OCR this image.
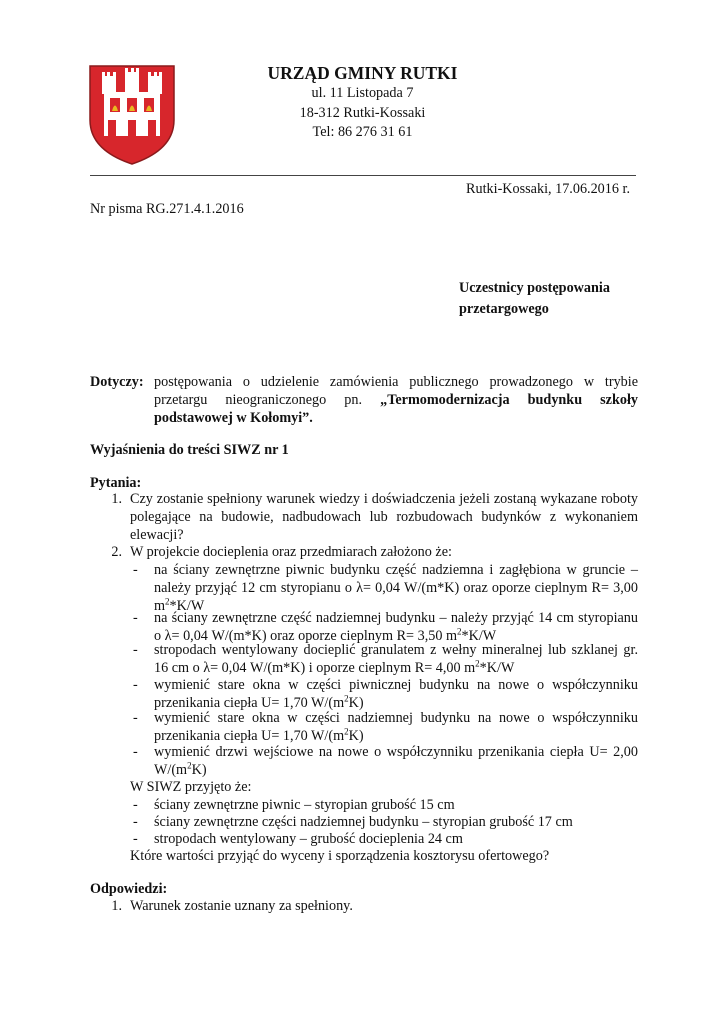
URZĄD GMINY RUTKI
ul. 11 Listopada 7
18-312 Rutki-Kossaki
Tel: 86 276 31 61
Rutki-Kossaki, 17.06.2016 r.
Nr pisma RG.271.4.1.2016
Uczestnicy postępowania
przetargowego
Dotyczy: postępowania o udzielenie zamówienia publicznego prowadzonego w trybie przetargu nieograniczonego pn. „Termomodernizacja budynku szkoły podstawowej w Kołomyi”.
Wyjaśnienia do treści SIWZ nr 1
Pytania:
1. Czy zostanie spełniony warunek wiedzy i doświadczenia jeżeli zostaną wykazane roboty polegające na budowie, nadbudowach lub rozbudowach budynków z wykonaniem elewacji?
2. W projekcie docieplenia oraz przedmiarach założono że:
- na ściany zewnętrzne piwnic budynku część nadziemna i zagłębiona w gruncie – należy przyjąć 12 cm styropianu o λ= 0,04 W/(m*K) oraz oporze cieplnym R= 3,00 $m^2*K/W$
- na ściany zewnętrzne część nadziemnej budynku – należy przyjąć 14 cm styropianu o λ= 0,04 W/(m*K) oraz oporze cieplnym R= 3,50 $m^2*K/W$
- stropodach wentylowany docieplić granulatem z wełny mineralnej lub szklanej gr. 16 cm o λ= 0,04 W/(m*K) i oporze cieplnym R= 4,00 $m^2*K/W$
- wymienić stare okna w części piwnicznej budynku na nowe o współczynniku przenikania ciepła U= 1,70 $W/(m^2K)$
- wymienić stare okna w części nadziemnej budynku na nowe o współczynniku przenikania ciepła U= 1,70 $W/(m^2K)$
- wymienić drzwi wejściowe na nowe o współczynniku przenikania ciepła U= 2,00 $W/(m^2K)$
W SIWZ przyjęto że:
- ściany zewnętrzne piwnic – styropian grubość 15 cm
- ściany zewnętrzne części nadziemnej budynku – styropian grubość 17 cm
- stropodach wentylowany – grubość docieplenia 24 cm
Które wartości przyjąć do wyceny i sporządzenia kosztorysu ofertowego?
Odpowiedzi:
1. Warunek zostanie uznany za spełniony.
